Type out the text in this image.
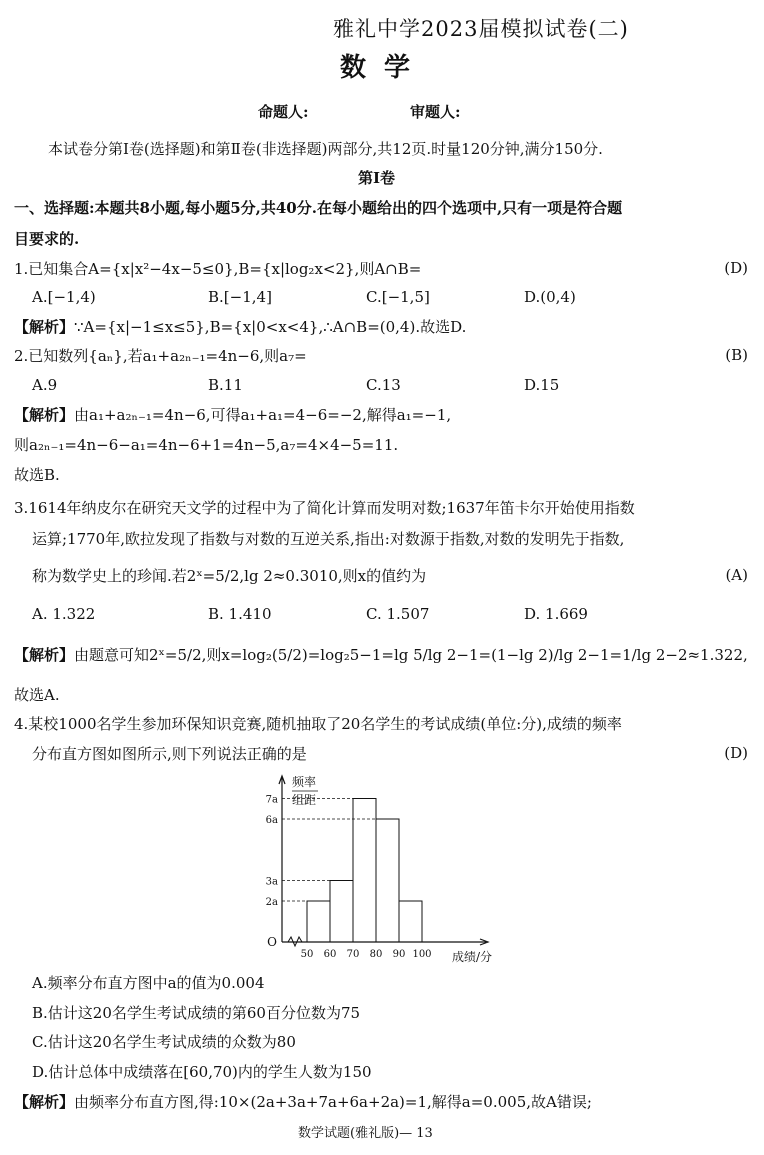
雅礼中学2023届模拟试卷(二)
数学
命题人:	审题人:
本试卷分第Ⅰ卷(选择题)和第Ⅱ卷(非选择题)两部分,共12页.时量120分钟,满分150分.
第Ⅰ卷
一、选择题:本题共8小题,每小题5分,共40分.在每小题给出的四个选项中,只有一项是符合题
目要求的.
1.已知集合A={x|x²−4x−5≤0},B={x|log₂x<2},则A∩B=	(D)
A.[−1,4)	B.[−1,4]	C.[−1,5]	D.(0,4)
【解析】∵A={x|−1≤x≤5},B={x|0<x<4},∴A∩B=(0,4).故选D.
2.已知数列{aₙ},若a₁+a₂ₙ₋₁=4n−6,则a₇=	(B)
A.9	B.11	C.13	D.15
【解析】由a₁+a₂ₙ₋₁=4n−6,可得a₁+a₁=4−6=−2,解得a₁=−1,
则a₂ₙ₋₁=4n−6−a₁=4n−6+1=4n−5,a₇=4×4−5=11.
故选B.
3.1614年纳皮尔在研究天文学的过程中为了简化计算而发明对数;1637年笛卡尔开始使用指数
运算;1770年,欧拉发现了指数与对数的互逆关系,指出:对数源于指数,对数的发明先于指数,
称为数学史上的珍闻.若2ˣ=5/2,lg 2≈0.3010,则x的值约为	(A)
A. 1.322	B. 1.410	C. 1.507	D. 1.669
【解析】由题意可知2ˣ=5/2,则x=log₂(5/2)=log₂5−1=lg 5/lg 2−1=(1−lg 2)/lg 2−1=1/lg 2−2≈1.322,
故选A.
4.某校1000名学生参加环保知识竞赛,随机抽取了20名学生的考试成绩(单位:分),成绩的频率
分布直方图如图所示,则下列说法正确的是	(D)
频率
组距
成绩/分
O
2a
3a
6a
7a
50 60 70 80 90 100
A.频率分布直方图中a的值为0.004
B.估计这20名学生考试成绩的第60百分位数为75
C.估计这20名学生考试成绩的众数为80
D.估计总体中成绩落在[60,70)内的学生人数为150
【解析】由频率分布直方图,得:10×(2a+3a+7a+6a+2a)=1,解得a=0.005,故A错误;
数学试题(雅礼版)— 13
